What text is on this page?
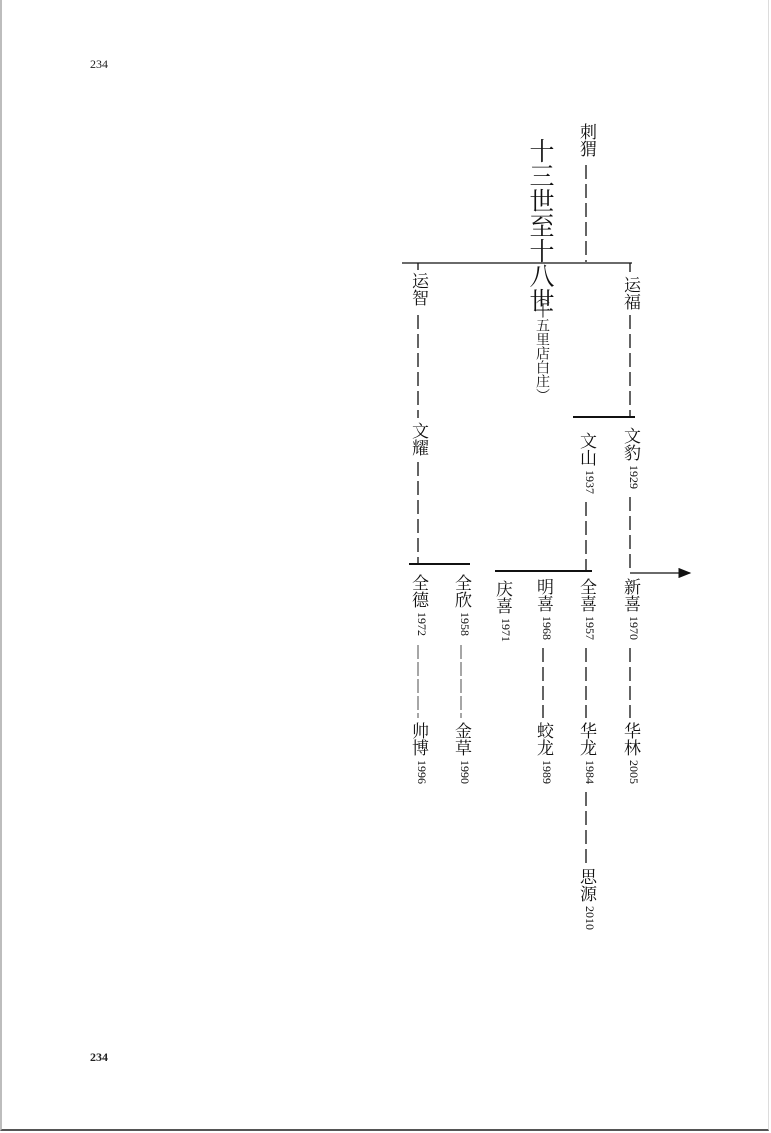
234
234
十三世至十八世
（十五里店白庄）
刺猬
运智	运福
文耀	文山1937
文豹1929
全德1972
全欣1958
庆喜1971
明喜1968
全喜1957
新喜1970
帅博1996
金草1990
蛟龙1989
华龙1984
华林2005
思源2010
